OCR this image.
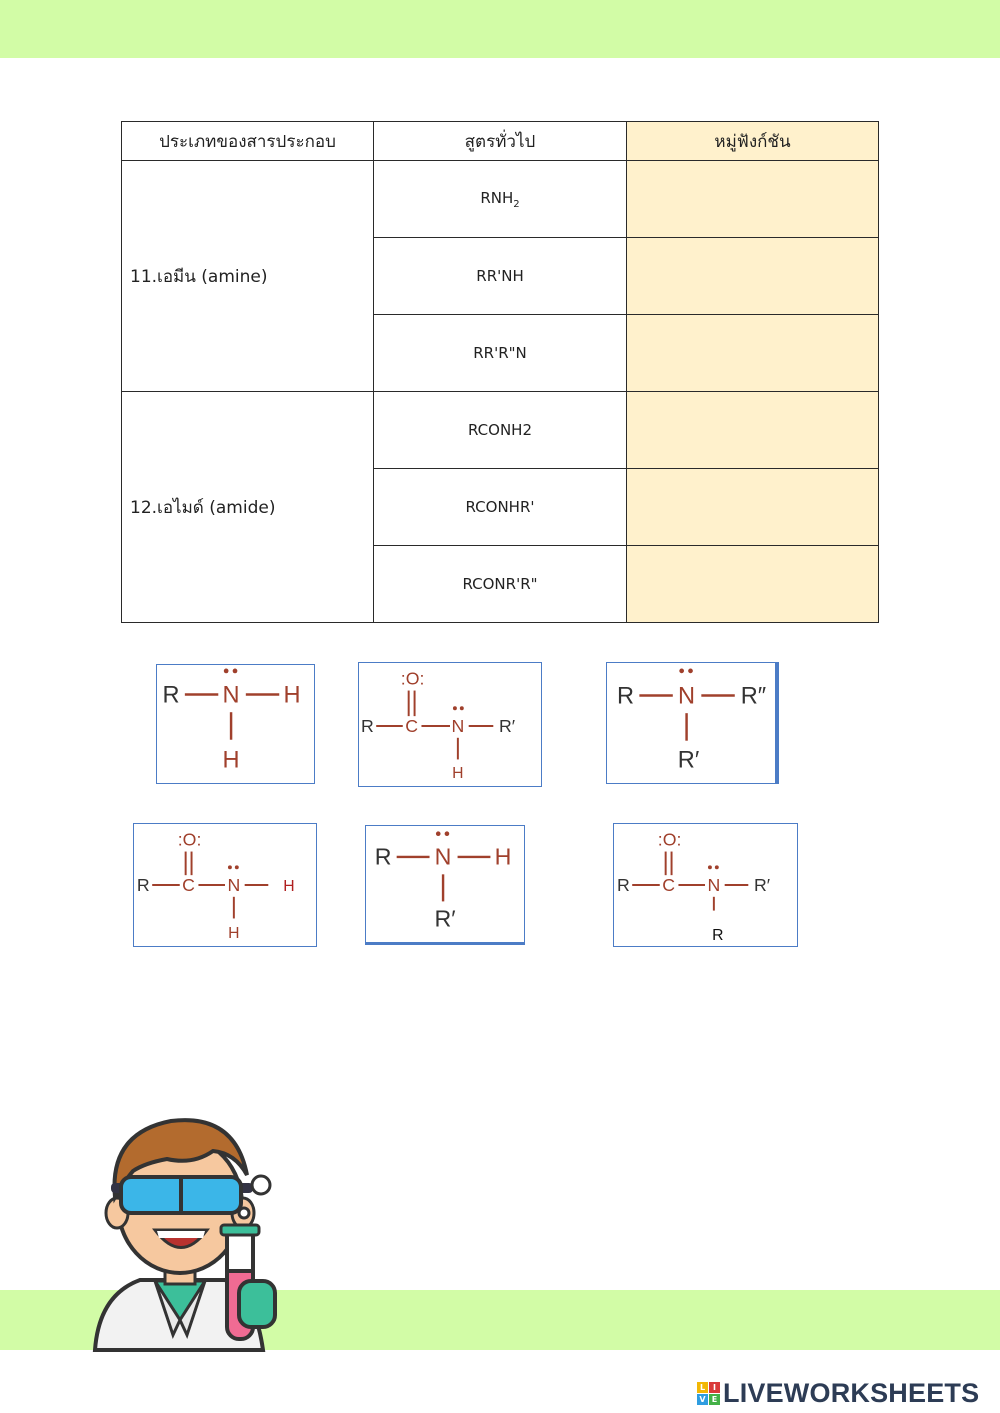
ประเภทของสารประกอบ	สูตรทั่วไป	หมู่ฟังก์ชัน
11.เอมีน (amine)	$RNH_2$	
	RR'NH	
	RR'R"N	
12.เอไมด์ (amide)	RCONH2	
	RCONHR'	
	RCONR'R"	
R N H
H
:O:
R C N R′
H
R N R″
R′
:O:
R C N	H
H
R N H
R′
:O:
R C N R′
R
L I
V E LIVEWORKSHEETS
